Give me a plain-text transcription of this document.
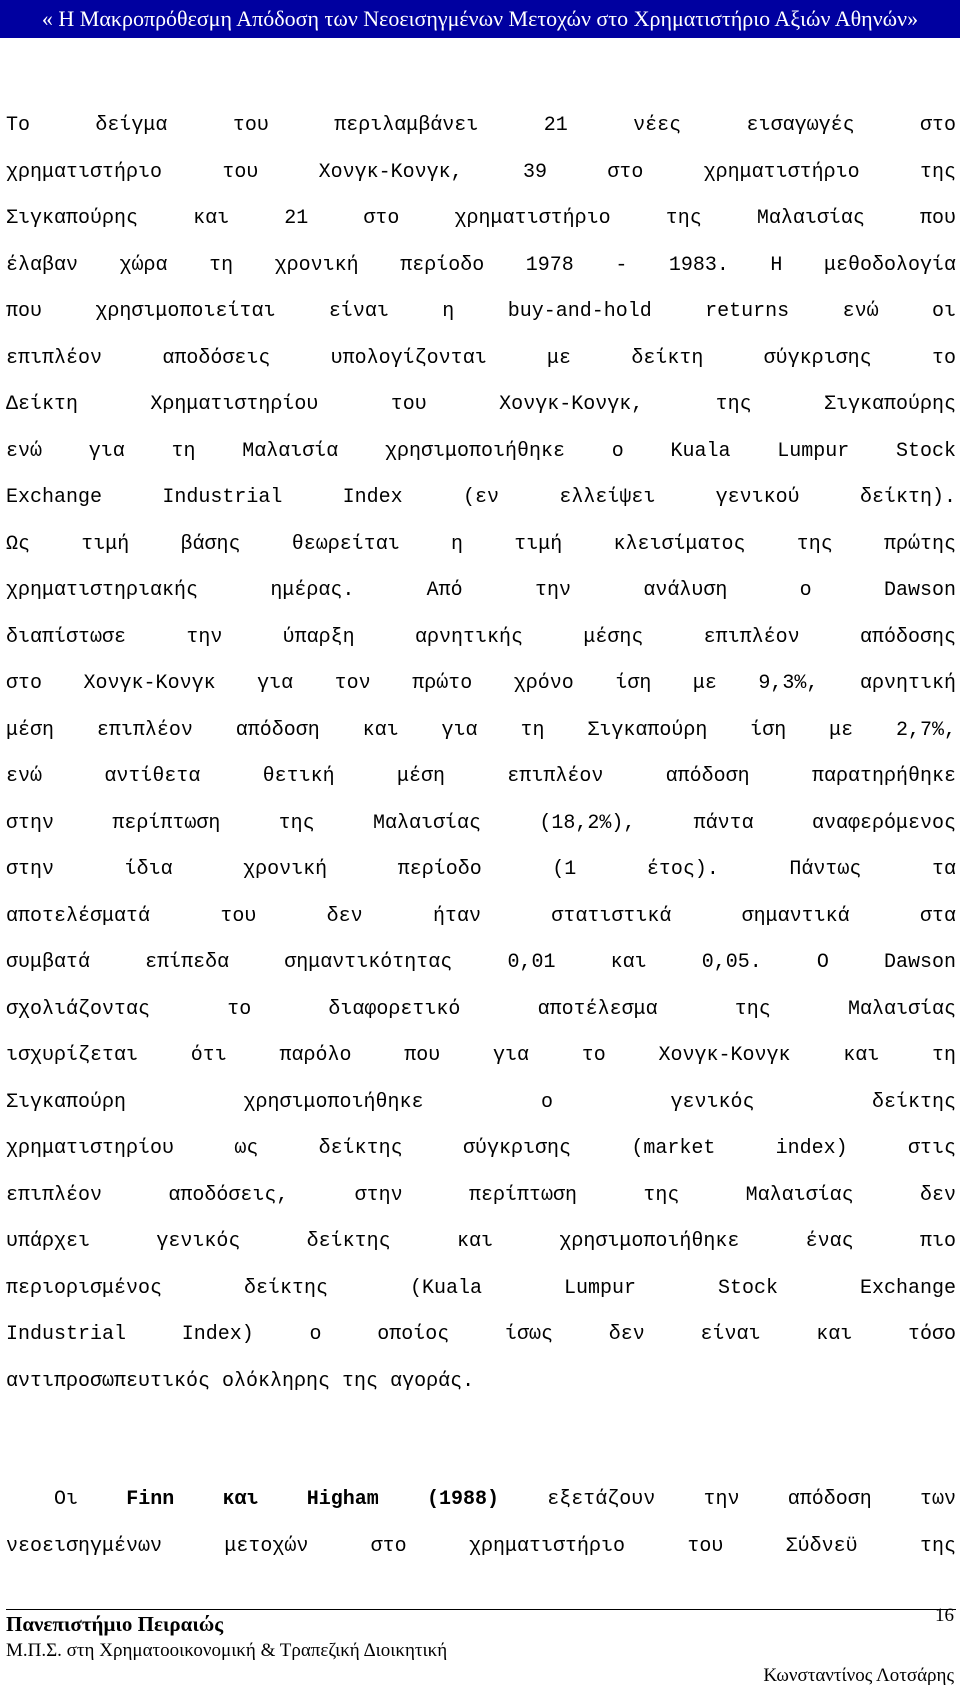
« Η Μακροπρόθεσμη Απόδοση των Νεοεισηγμένων Μετοχών στο Χρηματιστήριο Αξιών Αθηνών»
Το δείγμα του περιλαμβάνει 21 νέες εισαγωγές στο
χρηματιστήριο του Χονγκ-Κονγκ, 39 στο χρηματιστήριο της
Σιγκαπούρης και 21 στο χρηματιστήριο της Μαλαισίας που
έλαβαν χώρα τη χρονική περίοδο 1978 - 1983. Η μεθοδολογία
που χρησιμοποιείται είναι η buy-and-hold returns ενώ οι
επιπλέον αποδόσεις υπολογίζονται με δείκτη σύγκρισης το
Δείκτη Χρηματιστηρίου του Χονγκ-Κονγκ, της Σιγκαπούρης
ενώ για τη Μαλαισία χρησιμοποιήθηκε ο Kuala Lumpur Stock
Exchange Industrial Index (εν ελλείψει γενικού δείκτη).
Ως τιμή βάσης θεωρείται η τιμή κλεισίματος της πρώτης
χρηματιστηριακής ημέρας. Από την ανάλυση ο Dawson
διαπίστωσε την ύπαρξη αρνητικής μέσης επιπλέον απόδοσης
στο Χονγκ-Κονγκ για τον πρώτο χρόνο ίση με 9,3%, αρνητική
μέση επιπλέον απόδοση και για τη Σιγκαπούρη ίση με 2,7%,
ενώ αντίθετα θετική μέση επιπλέον απόδοση παρατηρήθηκε
στην περίπτωση της Μαλαισίας (18,2%), πάντα αναφερόμενος
στην ίδια χρονική περίοδο (1 έτος). Πάντως τα
αποτελέσματά του δεν ήταν στατιστικά σημαντικά στα
συμβατά επίπεδα σημαντικότητας 0,01 και 0,05. Ο Dawson
σχολιάζοντας το διαφορετικό αποτέλεσμα της Μαλαισίας
ισχυρίζεται ότι παρόλο που για το Χονγκ-Κονγκ και τη
Σιγκαπούρη χρησιμοποιήθηκε ο γενικός δείκτης
χρηματιστηρίου ως δείκτης σύγκρισης (market index) στις
επιπλέον αποδόσεις, στην περίπτωση της Μαλαισίας δεν
υπάρχει γενικός δείκτης και χρησιμοποιήθηκε ένας πιο
περιορισμένος δείκτης (Kuala Lumpur Stock Exchange
Industrial Index) ο οποίος ίσως δεν είναι και τόσο
αντιπροσωπευτικός ολόκληρης της αγοράς.
Οι Finn και Higham (1988) εξετάζουν την απόδοση των
νεοεισηγμένων μετοχών στο χρηματιστήριο του Σύδνεϋ της
Πανεπιστήμιο Πειραιώς	16
Μ.Π.Σ. στη Χρηματοοικονομική & Τραπεζική Διοικητική
Κωνσταντίνος Λοτσάρης
